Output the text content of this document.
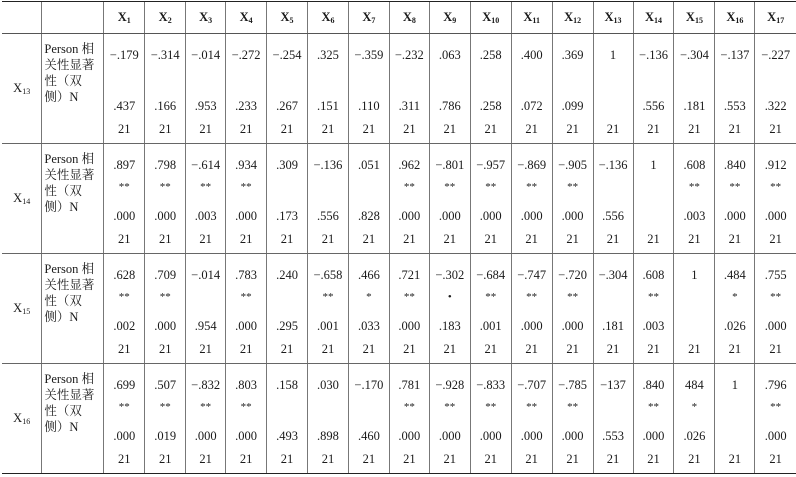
		$X_1$	$X_2$	$X_3$	$X_4$	$X_5$	$X_6$	$X_7$	$X_8$	$X_9$	$X_{10}$	$X_{11}$	$X_{12}$	$X_{13}$	$X_{14}$	$X_{15}$	$X_{16}$	$X_{17}$
$X_{13}$	Person 相
关性显著
性（双
侧）N	−.179
.437
21	−.314
.166
21	−.014
.953
21	−.272
.233
21	−.254
.267
21	.325
.151
21	−.359
.110
21	−.232
.311
21	.063
.786
21	.258
.258
21	.400
.072
21	.369
.099
21	1
21	−.136
.556
21	−.304
.181
21	−.137
.553
21	−.227
.322
21

$X_{14}$	Person 相
关性显著
性（双
侧）N	.897
**
.000
21	.798
**
.000
21	−.614
**
.003
21	.934
**
.000
21	.309
.173
21	−.136
.556
21	.051
.828
21	.962
**
.000
21	−.801
**
.000
21	−.957
**
.000
21	−.869
**
.000
21	−.905
**
.000
21	−.136
.556
21	1
21	.608
**
.003
21	.840
**
.000
21	.912
**
.000
21

$X_{15}$	Person 相
关性显著
性（双
侧）N	.628
**
.002
21	.709
**
.000
21	−.014
.954
21	.783
**
.000
21	.240
.295
21	−.658
**
.001
21	.466
*
.033
21	.721
**
.000
21	−.302
•
.183
21	−.684
**
.001
21	−.747
**
.000
21	−.720
**
.000
21	−.304
.181
21	.608
**
.003
21	1
21	.484
*
.026
21	.755
**
.000
21

$X_{16}$	Person 相
关性显著
性（双
侧）N	.699
**
.000
21	.507
**
.019
21	−.832
**
.000
21	.803
**
.000
21	.158
.493
21	.030
.898
21	−.170
.460
21	.781
**
.000
21	−.928
**
.000
21	−.833
**
.000
21	−.707
**
.000
21	−.785
**
.000
21	−137
.553
21	.840
**
.000
21	484
*
.026
21	1
21	.796
**
.000
21
